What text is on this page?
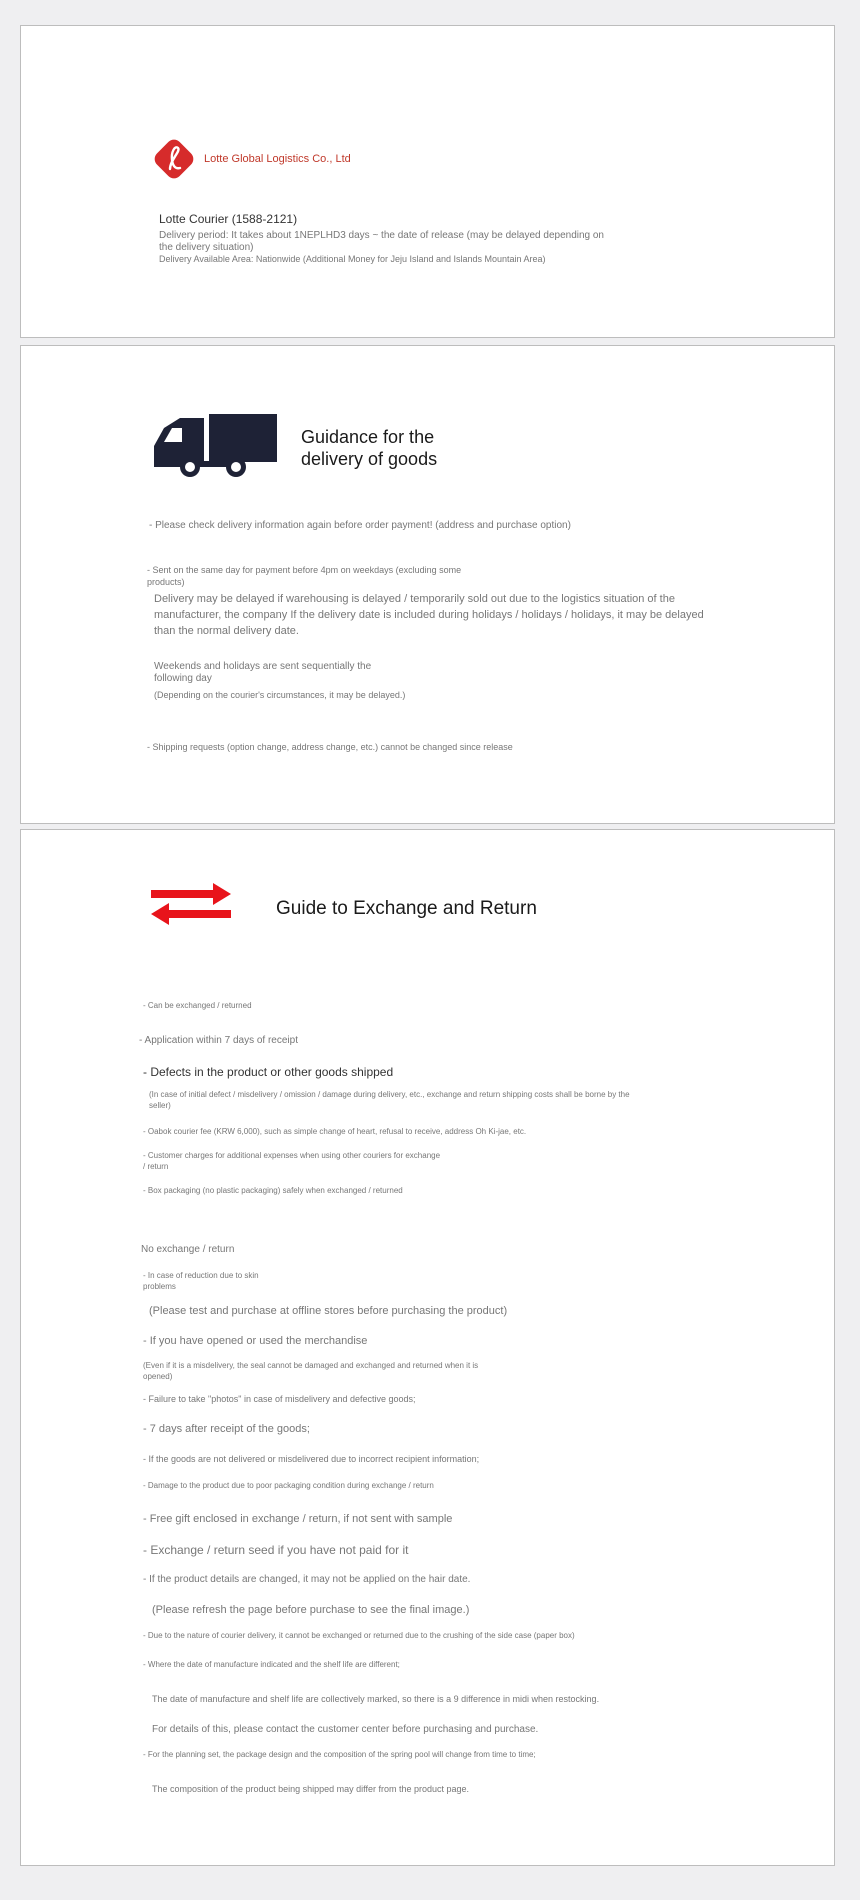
Lotte Global Logistics Co., Ltd
Lotte Courier (1588-2121)
Delivery period: It takes about 1NEPLHD3 days ~ the date of release (may be delayed depending on the delivery situation)
Delivery Available Area: Nationwide (Additional Money for Jeju Island and Islands Mountain Area)
Guidance for the
delivery of goods
- Please check delivery information again before order payment! (address and purchase option)
- Sent on the same day for payment before 4pm on weekdays (excluding some products)
Delivery may be delayed if warehousing is delayed / temporarily sold out due to the logistics situation of the manufacturer, the company If the delivery date is included during holidays / holidays / holidays, it may be delayed than the normal delivery date.
Weekends and holidays are sent sequentially the following day
(Depending on the courier's circumstances, it may be delayed.)
- Shipping requests (option change, address change, etc.) cannot be changed since release
Guide to Exchange and Return
- Can be exchanged / returned
- Application within 7 days of receipt
- Defects in the product or other goods shipped
(In case of initial defect / misdelivery / omission / damage during delivery, etc., exchange and return shipping costs shall be borne by the seller)
- Oabok courier fee (KRW 6,000), such as simple change of heart, refusal to receive, address Oh Ki-jae, etc.
- Customer charges for additional expenses when using other couriers for exchange / return
- Box packaging (no plastic packaging) safely when exchanged / returned
No exchange / return
- In case of reduction due to skin problems
(Please test and purchase at offline stores before purchasing the product)
- If you have opened or used the merchandise
(Even if it is a misdelivery, the seal cannot be damaged and exchanged and returned when it is opened)
- Failure to take "photos" in case of misdelivery and defective goods;
- 7 days after receipt of the goods;
- If the goods are not delivered or misdelivered due to incorrect recipient information;
- Damage to the product due to poor packaging condition during exchange / return
- Free gift enclosed in exchange / return, if not sent with sample
- Exchange / return seed if you have not paid for it
- If the product details are changed, it may not be applied on the hair date.
(Please refresh the page before purchase to see the final image.)
- Due to the nature of courier delivery, it cannot be exchanged or returned due to the crushing of the side case (paper box)
- Where the date of manufacture indicated and the shelf life are different;
The date of manufacture and shelf life are collectively marked, so there is a 9 difference in midi when restocking.
For details of this, please contact the customer center before purchasing and purchase.
- For the planning set, the package design and the composition of the spring pool will change from time to time;
The composition of the product being shipped may differ from the product page.
